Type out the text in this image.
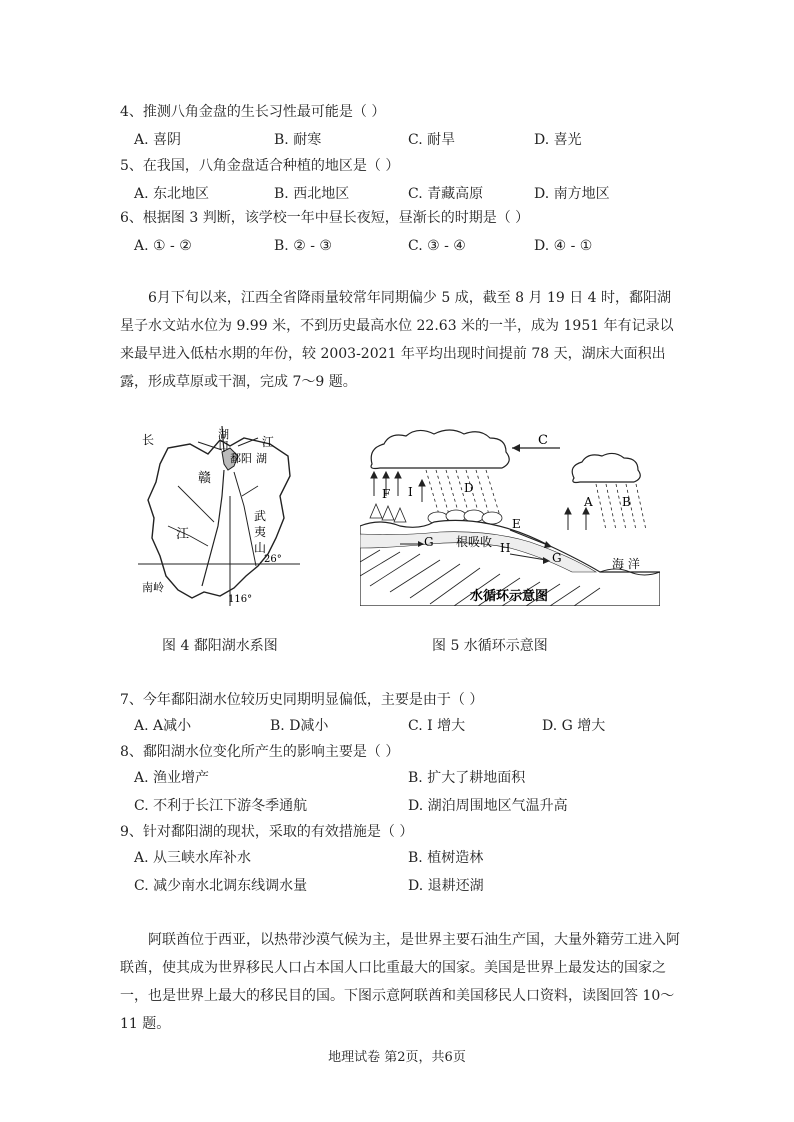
4、推测八角金盘的生长习性最可能是（ ）
A. 喜阴	B. 耐寒	C. 耐旱	D. 喜光
5、在我国，八角金盘适合种植的地区是（ ）
A. 东北地区	B. 西北地区	C. 青藏高原	D. 南方地区
6、根据图 3 判断，该学校一年中昼长夜短，昼渐长的时期是（ ）
A. ① - ②	B. ② - ③	C. ③ - ④	D. ④ - ①
6月下旬以来，江西全省降雨量较常年同期偏少 5 成，截至 8 月 19 日 4 时，鄱阳湖星子水文站水位为 9.99 米，不到历史最高水位 22.63 米的一半，成为 1951 年有记录以来最早进入低枯水期的年份，较 2003-2021 年平均出现时间提前 78 天，湖床大面积出露，形成草原或干涸，完成 7～9 题。
长	湖
口	江
鄱阳 湖
赣
江
武
夷
山
26°
南岭
116°
C
F I	D
A B
海 洋
E
G 根吸收 H
G
水循环示意图
图 4 鄱阳湖水系图	图 5 水循环示意图
7、今年鄱阳湖水位较历史同期明显偏低，主要是由于（ ）
A. A减小	B. D减小	C. I 增大	D. G 增大
8、鄱阳湖水位变化所产生的影响主要是（ ）
A. 渔业增产	B. 扩大了耕地面积
C. 不利于长江下游冬季通航	D. 湖泊周围地区气温升高
9、针对鄱阳湖的现状，采取的有效措施是（ ）
A. 从三峡水库补水	B. 植树造林
C. 减少南水北调东线调水量	D. 退耕还湖
阿联酋位于西亚，以热带沙漠气候为主，是世界主要石油生产国，大量外籍劳工进入阿联酋，使其成为世界移民人口占本国人口比重最大的国家。美国是世界上最发达的国家之一，也是世界上最大的移民目的国。下图示意阿联酋和美国移民人口资料，读图回答 10～11 题。
地理试卷 第2页，共6页
